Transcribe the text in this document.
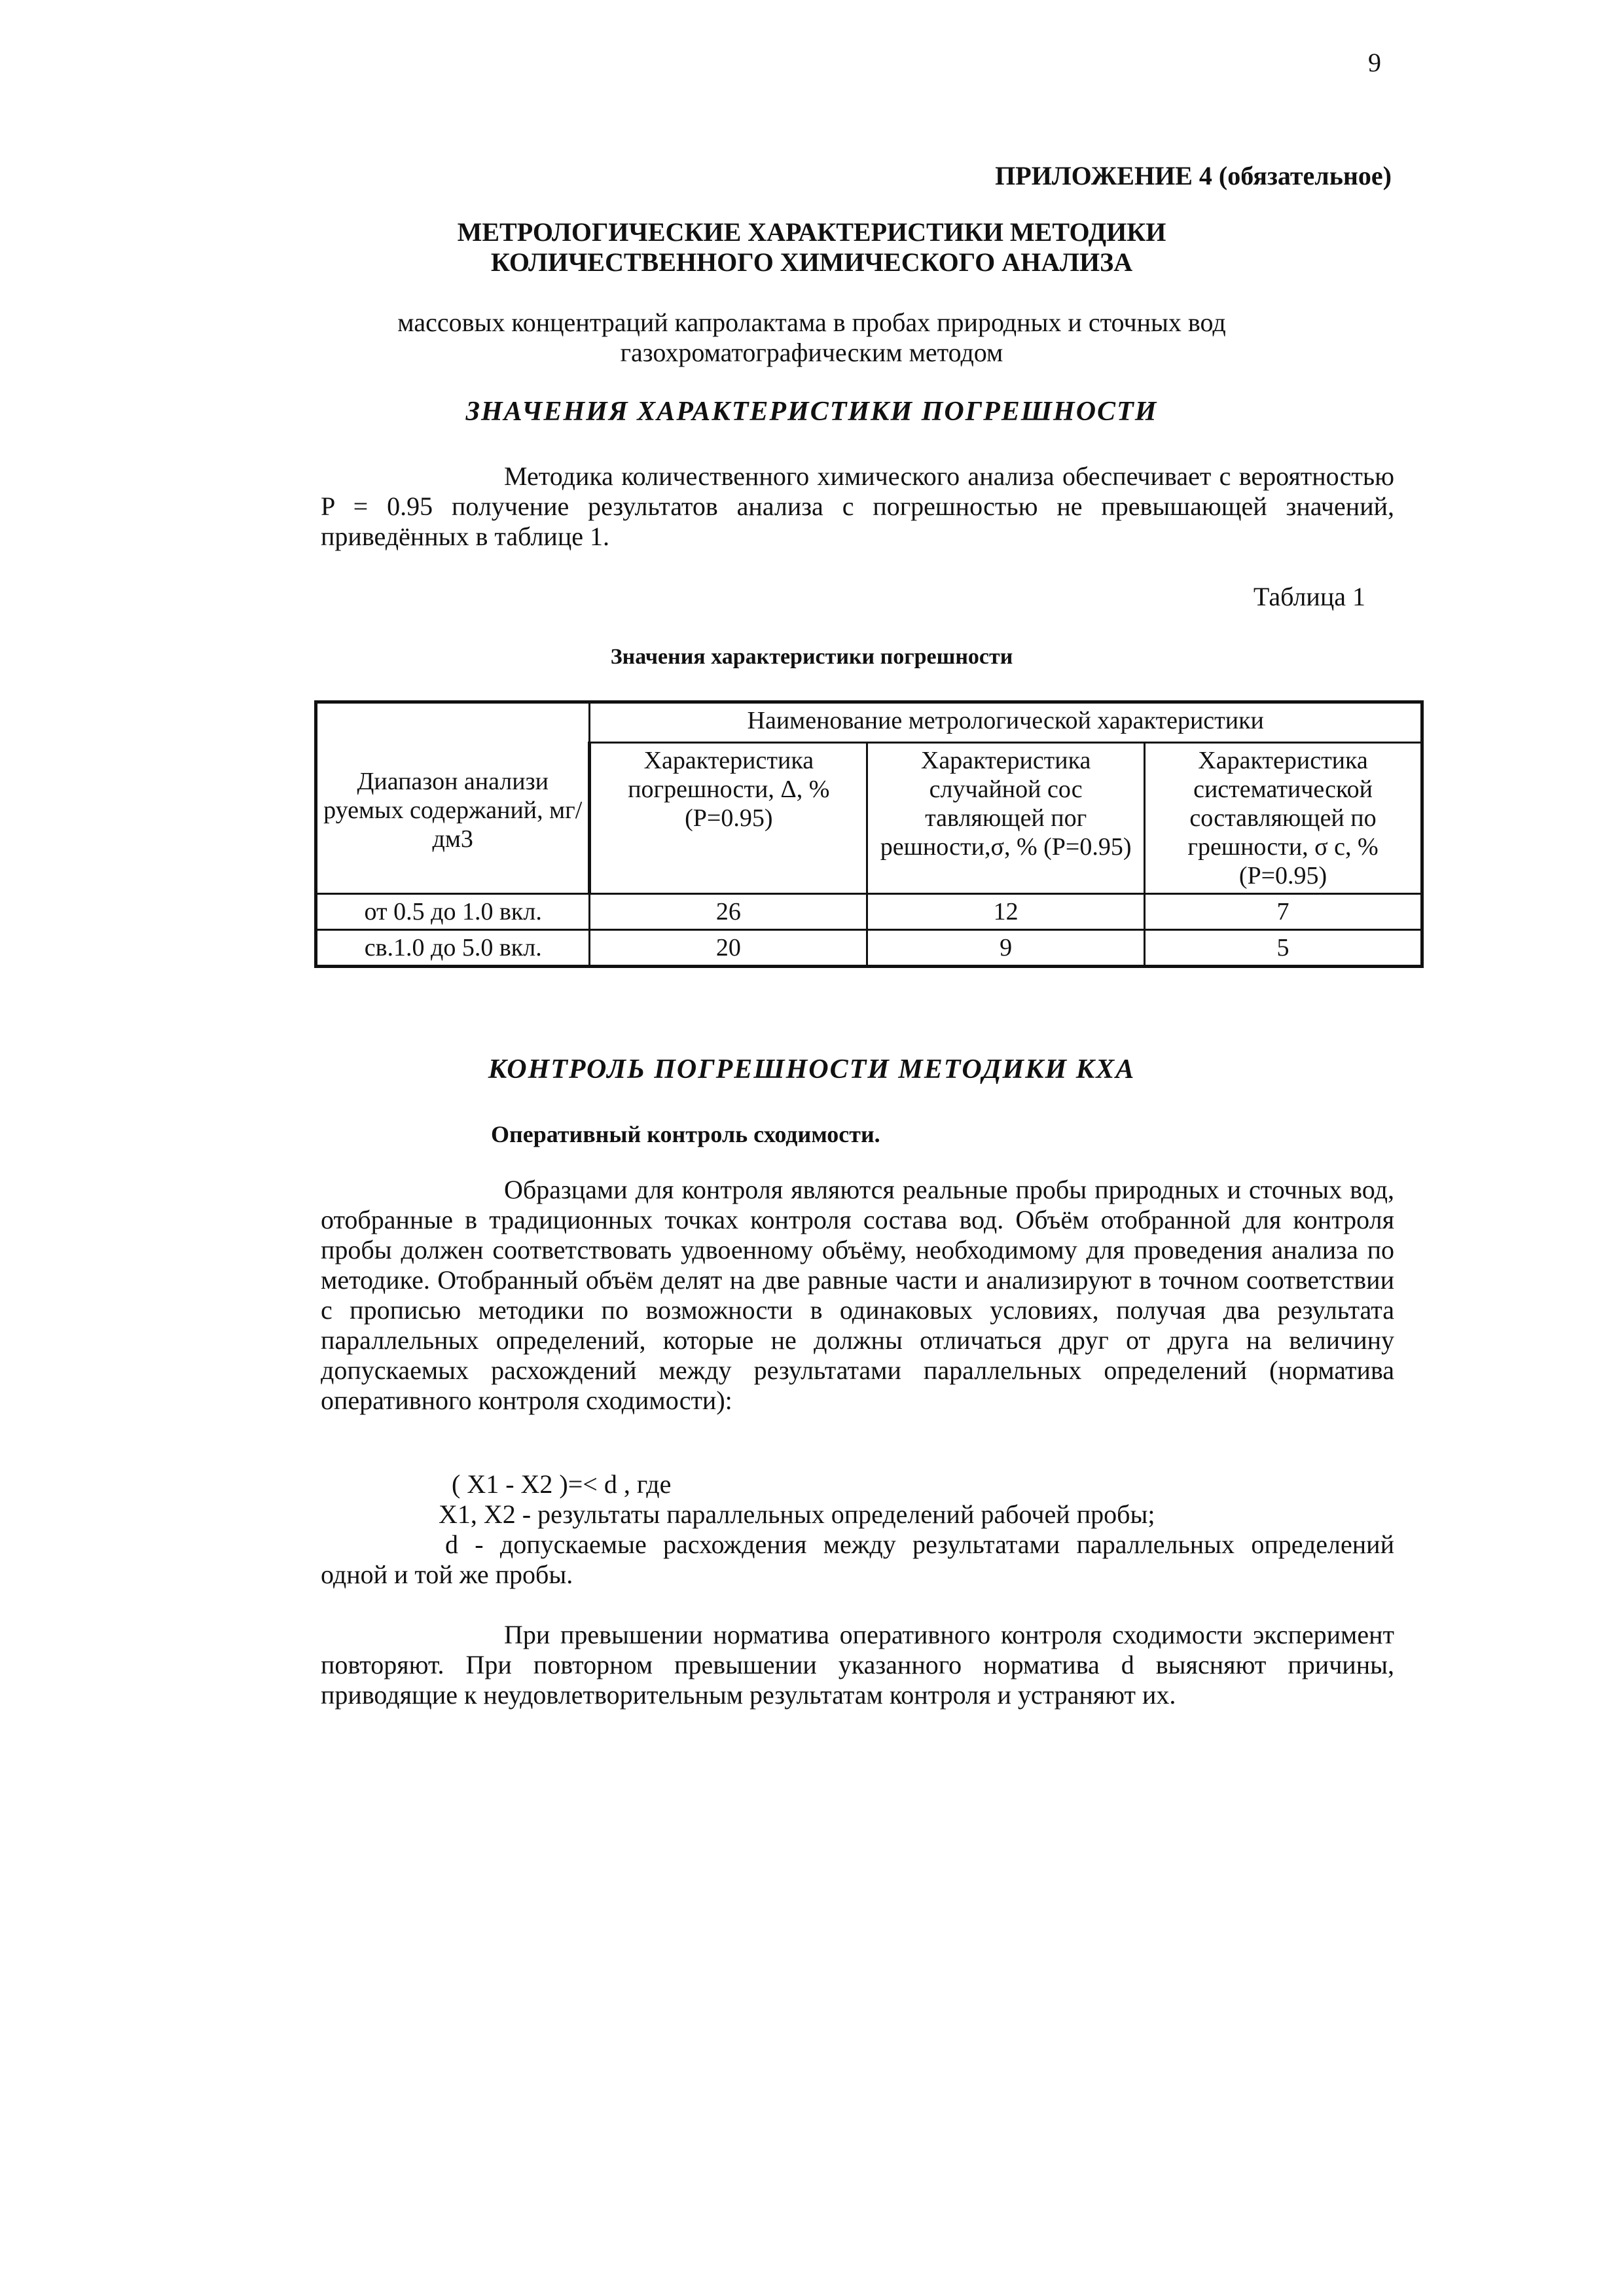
9
ПРИЛОЖЕНИЕ 4 (обязательное)
МЕТРОЛОГИЧЕСКИЕ ХАРАКТЕРИСТИКИ МЕТОДИКИ
КОЛИЧЕСТВЕННОГО ХИМИЧЕСКОГО АНАЛИЗА
массовых концентраций капролактама в пробах природных и сточных вод
газохроматографическим методом
ЗНАЧЕНИЯ ХАРАКТЕРИСТИКИ ПОГРЕШНОСТИ

Методика количественного химического анализа обеспечивает с вероятностью P = 0.95 получение результатов анализа с погрешностью не превышающей значений, приведённых в таблице 1.

Таблица 1
Значения характеристики погрешности
Диапазон анализи руемых содержаний, мг/дм3	Наименование метрологической характеристики		
	Характеристика погрешности, Δ, % (P=0.95)	Характеристика случайной сос тавляющей пог решности,σ, % (P=0.95)	Характеристика систематической составляющей по грешности, σ c, % (P=0.95)
от 0.5 до 1.0 вкл.	26	12	7
св.1.0 до 5.0 вкл.	20	9	5
КОНТРОЛЬ ПОГРЕШНОСТИ МЕТОДИКИ КХА
Оперативный контроль сходимости.

Образцами для контроля являются реальные пробы природных и сточных вод, отобранные в традиционных точках контроля состава вод. Объём отобранной для контроля пробы должен соответствовать удвоенному объёму, необходимому для проведения анализа по методике. Отобранный объём делят на две равные части и анализируют в точном соответствии с прописью методики по возможности в одинаковых условиях, получая два результата параллельных определений, которые не должны отличаться друг от друга на величину допускаемых расхождений между результатами параллельных определений (норматива оперативного контроля сходимости):

( X1 - X2 )=< d , где
X1, X2 - результаты параллельных определений рабочей пробы;

d - допускаемые расхождения между результатами параллельных определений одной и той же пробы.

При превышении норматива оперативного контроля сходимости эксперимент повторяют. При повторном превышении указанного норматива d выясняют причины, приводящие к неудовлетворительным результатам контроля и устраняют их.
